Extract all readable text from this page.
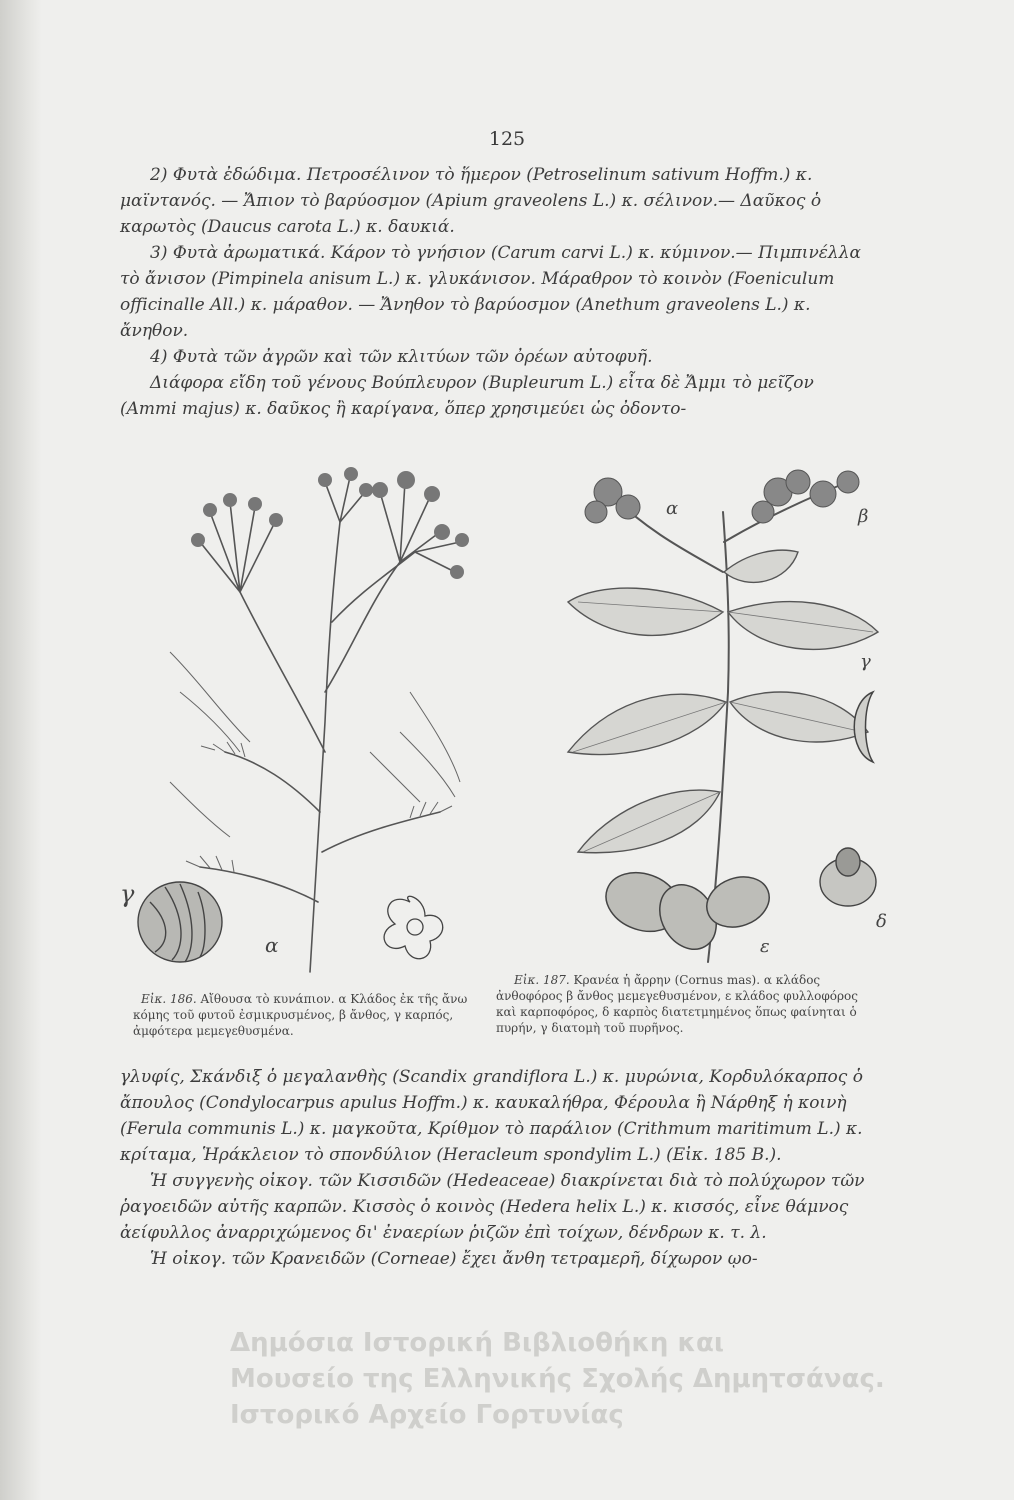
125

2) Φυτὰ ἐδώδιμα. Πετροσέλινον τὸ ἥμερον (Petroselinum sativum Hoffm.) κ. μαϊντανός. — Ἄπιον τὸ βαρύοσμον (Apium graveolens L.) κ. σέλινον.— Δαῦκος ὁ καρωτὸς (Daucus carota L.) κ. δαυκιά.

3) Φυτὰ ἀρωματικά. Κάρον τὸ γνήσιον (Carum carvi L.) κ. κύμινον.— Πιμπινέλλα τὸ ἄνισον (Pimpinela anisum L.) κ. γλυκάνισον. Μάραθρον τὸ κοινὸν (Foeniculum officinalle All.) κ. μάραθον. — Ἄνηθον τὸ βαρύοσμον (Anethum graveolens L.) κ. ἄνηθον.

4) Φυτὰ τῶν ἀγρῶν καὶ τῶν κλιτύων τῶν ὀρέων αὐτοφυῆ.

Διάφορα εἴδη τοῦ γένους Βούπλευρον (Bupleurum L.) εἶτα δὲ Ἄμμι τὸ μεῖζον (Ammi majus) κ. δαῦκος ἢ καρίγανα, ὅπερ χρησιμεύει ὡς ὀδοντο-

γ
α
α	β
γ
δ
ε
Εἰκ. 186. Αἴθουσα τὸ κυνάπιον. α Κλάδος ἐκ τῆς ἄνω κόμης τοῦ φυτοῦ ἐσμικρυσμένος, β ἄνθος, γ καρπός, ἀμφότερα μεμεγεθυσμένα.
Εἰκ. 187. Κρανέα ἡ ἄρρην (Cornus mas). α κλάδος ἀνθοφόρος β ἄνθος μεμεγεθυσμένον, ε κλάδος φυλλοφόρος καὶ καρποφόρος, δ καρπὸς διατετμημένος ὅπως φαίνηται ὁ πυρήν, γ διατομὴ τοῦ πυρῆνος.

γλυφίς, Σκάνδιξ ὁ μεγαλανθὴς (Scandix grandiflora L.) κ. μυρώνια, Κορδυλόκαρπος ὁ ἄπουλος (Condylocarpus apulus Hoffm.) κ. καυκαλήθρα, Φέρουλα ἢ Νάρθηξ ἡ κοινὴ (Ferula communis L.) κ. μαγκοῦτα, Κρίθμον τὸ παράλιον (Crithmum maritimum L.) κ. κρίταμα, Ἡράκλειον τὸ σπονδύλιον (Heracleum spondylim L.) (Εἰκ. 185 Β.).

Ἡ συγγενὴς οἰκογ. τῶν Κισσιδῶν (Hedeaceae) διακρίνεται διὰ τὸ πολύχωρον τῶν ῥαγοειδῶν αὐτῆς καρπῶν. Κισσὸς ὁ κοινὸς (Hedera helix L.) κ. κισσός, εἶνε θάμνος ἀείφυλλος ἀναρριχώμενος δι' ἐναερίων ῥιζῶν ἐπὶ τοίχων, δένδρων κ. τ. λ.

Ἡ οἰκογ. τῶν Κρανειδῶν (Corneae) ἔχει ἄνθη τετραμερῆ, δίχωρον ῳο-

Δημόσια Ιστορική Βιβλιοθήκη και
Μουσείο της Ελληνικής Σχολής Δημητσάνας.
Ιστορικό Αρχείο Γορτυνίας
